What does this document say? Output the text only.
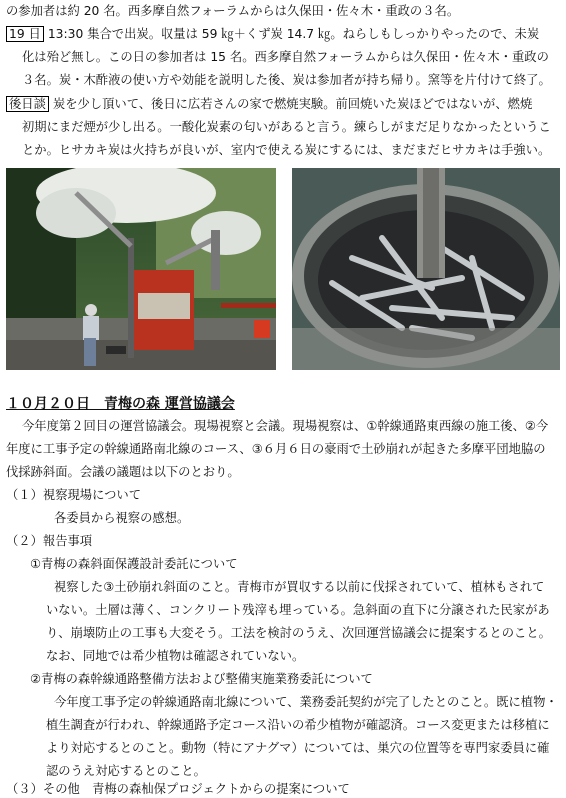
の参加者は約 20 名。西多摩自然フォーラムからは久保田・佐々木・重政の３名。
19 日 13:30 集合で出炭。収量は 59 ㎏＋くず炭 14.7 ㎏。ねらしもしっかりやったので、未炭
化は殆ど無し。この日の参加者は 15 名。西多摩自然フォーラムからは久保田・佐々木・重政の
３名。炭・木酢液の使い方や効能を説明した後、炭は参加者が持ち帰り。窯等を片付けて終了。
後日談 炭を少し頂いて、後日に広若さんの家で燃焼実験。前回焼いた炭ほどではないが、燃焼
初期にまだ煙が少し出る。一酸化炭素の匂いがあると言う。練らしがまだ足りなかったというこ
とか。ヒサカキ炭は火持ちが良いが、室内で使える炭にするには、まだまだヒサカキは手強い。
１０月２０日　青梅の森 運営協議会
今年度第２回目の運営協議会。現場視察と会議。現場視察は、①幹線通路東西線の施工後、②今
年度に工事予定の幹線通路南北線のコース、③６月６日の豪雨で土砂崩れが起きた多摩平団地脇の
伐採跡斜面。会議の議題は以下のとおり。
（１）視察現場について
各委員から視察の感想。
（２）報告事項
①青梅の森斜面保護設計委託について
視察した③土砂崩れ斜面のこと。青梅市が買収する以前に伐採されていて、植林もされて
いない。土層は薄く、コンクリート残滓も埋っている。急斜面の直下に分譲された民家があ
り、崩壊防止の工事も大変そう。工法を検討のうえ、次回運営協議会に提案するとのこと。
なお、同地では希少植物は確認されていない。
②青梅の森幹線通路整備方法および整備実施業務委託について
今年度工事予定の幹線通路南北線について、業務委託契約が完了したとのこと。既に植物・
植生調査が行われ、幹線通路予定コース沿いの希少植物が確認済。コース変更または移植に
より対応するとのこと。動物（特にアナグマ）については、巣穴の位置等を専門家委員に確
認のうえ対応するとのこと。
（３）その他　青梅の森杣保プロジェクトからの提案について
